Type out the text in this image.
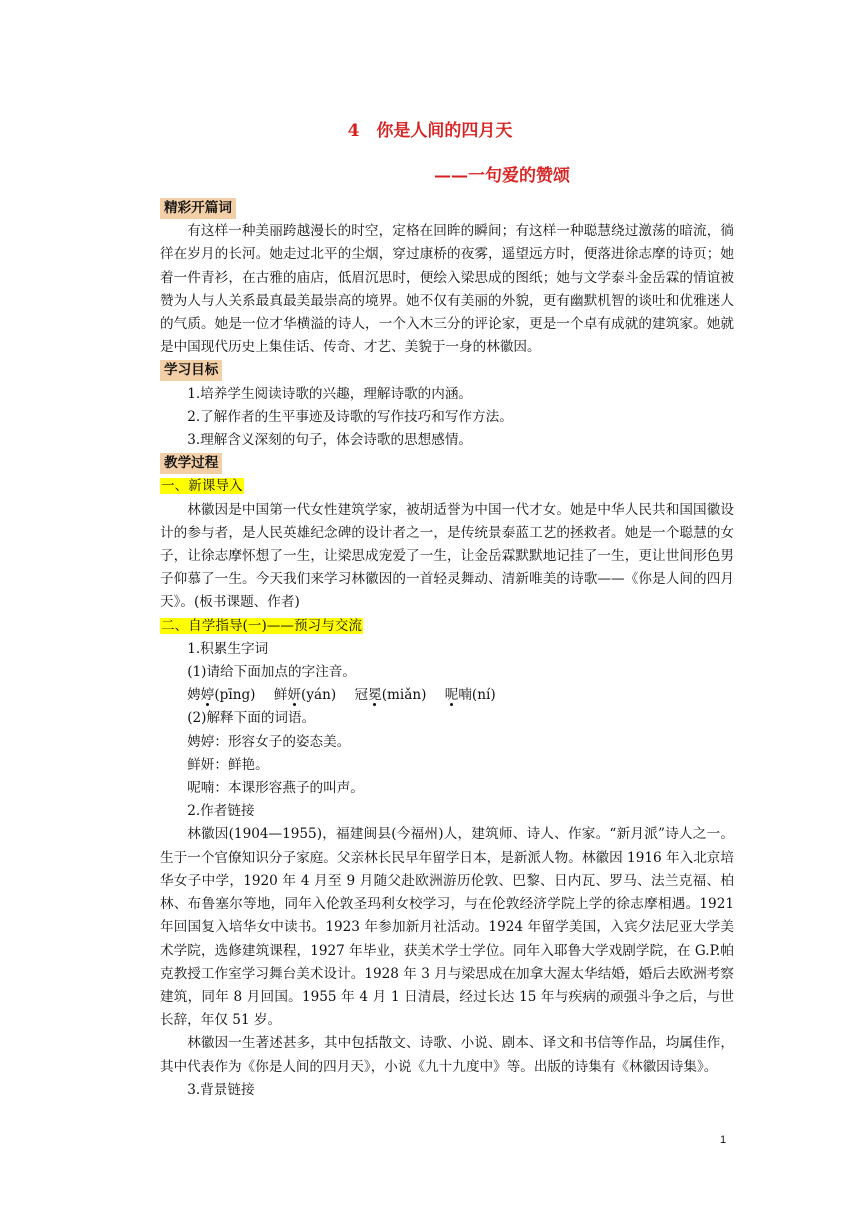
4　你是人间的四月天
——一句爱的赞颂

精彩开篇词

有这样一种美丽跨越漫长的时空，定格在回眸的瞬间；有这样一种聪慧绕过激荡的暗流，徜徉在岁月的长河。她走过北平的尘烟，穿过康桥的夜雾，遥望远方时，便落进徐志摩的诗页；她着一件青衫，在古雅的庙店，低眉沉思时，便绘入梁思成的图纸；她与文学泰斗金岳霖的情谊被赞为人与人关系最真最美最崇高的境界。她不仅有美丽的外貌，更有幽默机智的谈吐和优雅迷人的气质。她是一位才华横溢的诗人，一个入木三分的评论家，更是一个卓有成就的建筑家。她就是中国现代历史上集佳话、传奇、才艺、美貌于一身的林徽因。

学习目标

1.培养学生阅读诗歌的兴趣，理解诗歌的内涵。

2.了解作者的生平事迹及诗歌的写作技巧和写作方法。

3.理解含义深刻的句子，体会诗歌的思想感情。

教学过程

一、新课导入

林徽因是中国第一代女性建筑学家，被胡适誉为中国一代才女。她是中华人民共和国国徽设计的参与者，是人民英雄纪念碑的设计者之一，是传统景泰蓝工艺的拯救者。她是一个聪慧的女子，让徐志摩怀想了一生，让梁思成宠爱了一生，让金岳霖默默地记挂了一生，更让世间形色男子仰慕了一生。今天我们来学习林徽因的一首轻灵舞动、清新唯美的诗歌——《你是人间的四月天》。(板书课题、作者)

二、自学指导(一)——预习与交流

1.积累生字词

(1)请给下面加点的字注音。

娉婷(pīng) 鲜妍(yán) 冠冕(miǎn) 呢喃(ní)

(2)解释下面的词语。

娉婷：形容女子的姿态美。

鲜妍：鲜艳。

呢喃：本课形容燕子的叫声。

2.作者链接

林徽因(1904—1955)，福建闽县(今福州)人，建筑师、诗人、作家。“新月派”诗人之一。生于一个官僚知识分子家庭。父亲林长民早年留学日本，是新派人物。林徽因 1916 年入北京培华女子中学，1920 年 4 月至 9 月随父赴欧洲游历伦敦、巴黎、日内瓦、罗马、法兰克福、柏林、布鲁塞尔等地，同年入伦敦圣玛利女校学习，与在伦敦经济学院上学的徐志摩相遇。1921 年回国复入培华女中读书。1923 年参加新月社活动。1924 年留学美国，入宾夕法尼亚大学美术学院，选修建筑课程，1927 年毕业，获美术学士学位。同年入耶鲁大学戏剧学院，在 G.P.帕克教授工作室学习舞台美术设计。1928 年 3 月与梁思成在加拿大渥太华结婚，婚后去欧洲考察建筑，同年 8 月回国。1955 年 4 月 1 日清晨，经过长达 15 年与疾病的顽强斗争之后，与世长辞，年仅 51 岁。

林徽因一生著述甚多，其中包括散文、诗歌、小说、剧本、译文和书信等作品，均属佳作，其中代表作为《你是人间的四月天》，小说《九十九度中》等。出版的诗集有《林徽因诗集》。

3.背景链接

1
